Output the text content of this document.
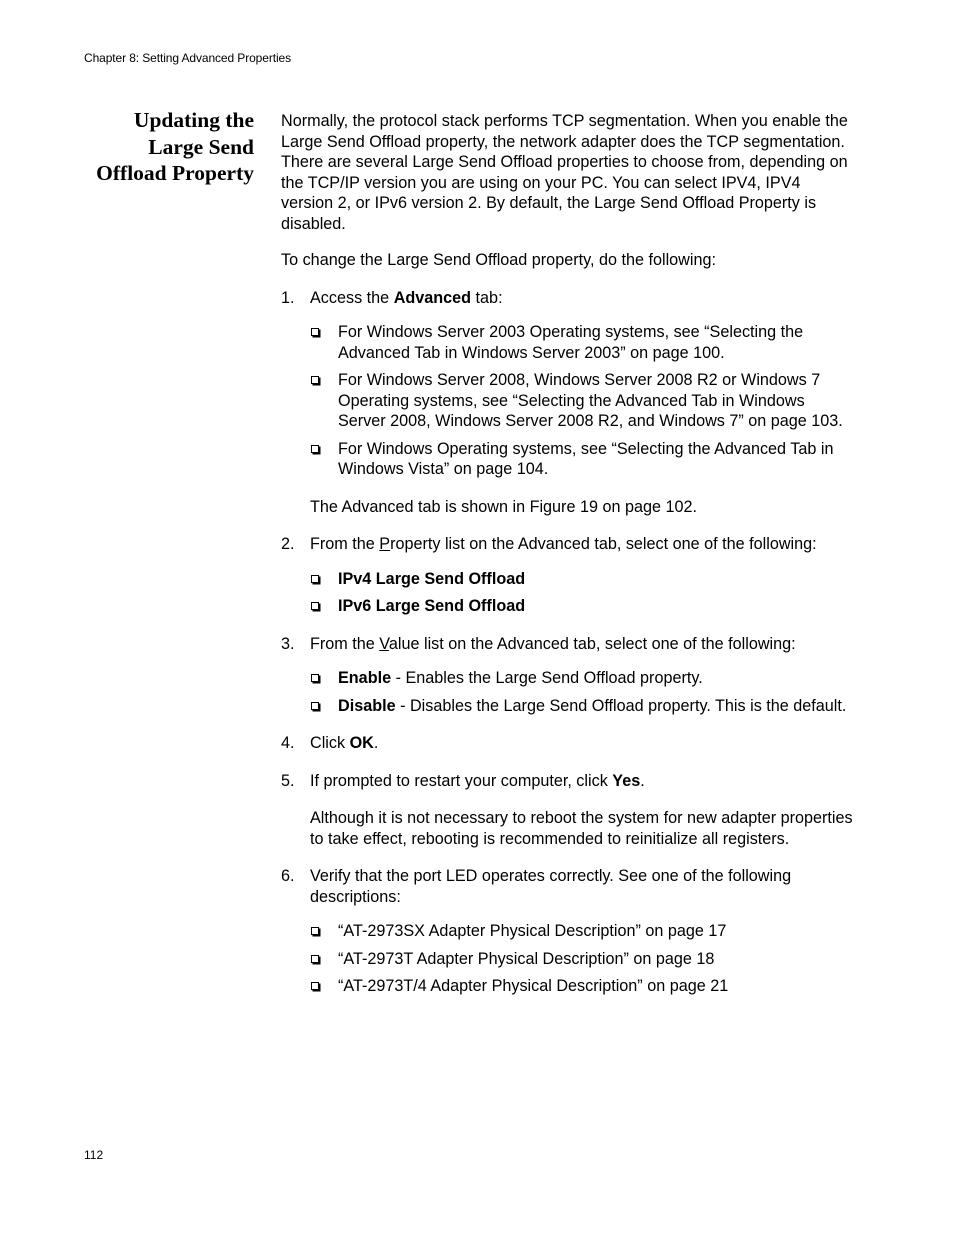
Chapter 8: Setting Advanced Properties
Updating the
Large Send
Offload Property

Normally, the protocol stack performs TCP segmentation. When you enable the Large Send Offload property, the network adapter does the TCP segmentation. There are several Large Send Offload properties to choose from, depending on the TCP/IP version you are using on your PC. You can select IPV4, IPV4 version 2, or IPv6 version 2. By default, the Large Send Offload Property is disabled.

To change the Large Send Offload property, do the following:

1. Access the Advanced tab:

For Windows Server 2003 Operating systems, see “Selecting the Advanced Tab in Windows Server 2003” on page 100.
For Windows Server 2008, Windows Server 2008 R2 or Windows 7 Operating systems, see “Selecting the Advanced Tab in Windows Server 2008, Windows Server 2008 R2, and Windows 7” on page 103.
For Windows Operating systems, see “Selecting the Advanced Tab in Windows Vista” on page 104.

The Advanced tab is shown in Figure 19 on page 102.

2. From the Property list on the Advanced tab, select one of the following:

IPv4 Large Send Offload
IPv6 Large Send Offload
3. From the Value list on the Advanced tab, select one of the following:

Enable - Enables the Large Send Offload property.
Disable - Disables the Large Send Offload property. This is the default.
4. Click OK.

5. If prompted to restart your computer, click Yes.

Although it is not necessary to reboot the system for new adapter properties to take effect, rebooting is recommended to reinitialize all registers.

6. Verify that the port LED operates correctly. See one of the following descriptions:

“AT-2973SX Adapter Physical Description” on page 17
“AT-2973T Adapter Physical Description” on page 18
“AT-2973T/4 Adapter Physical Description” on page 21
112
